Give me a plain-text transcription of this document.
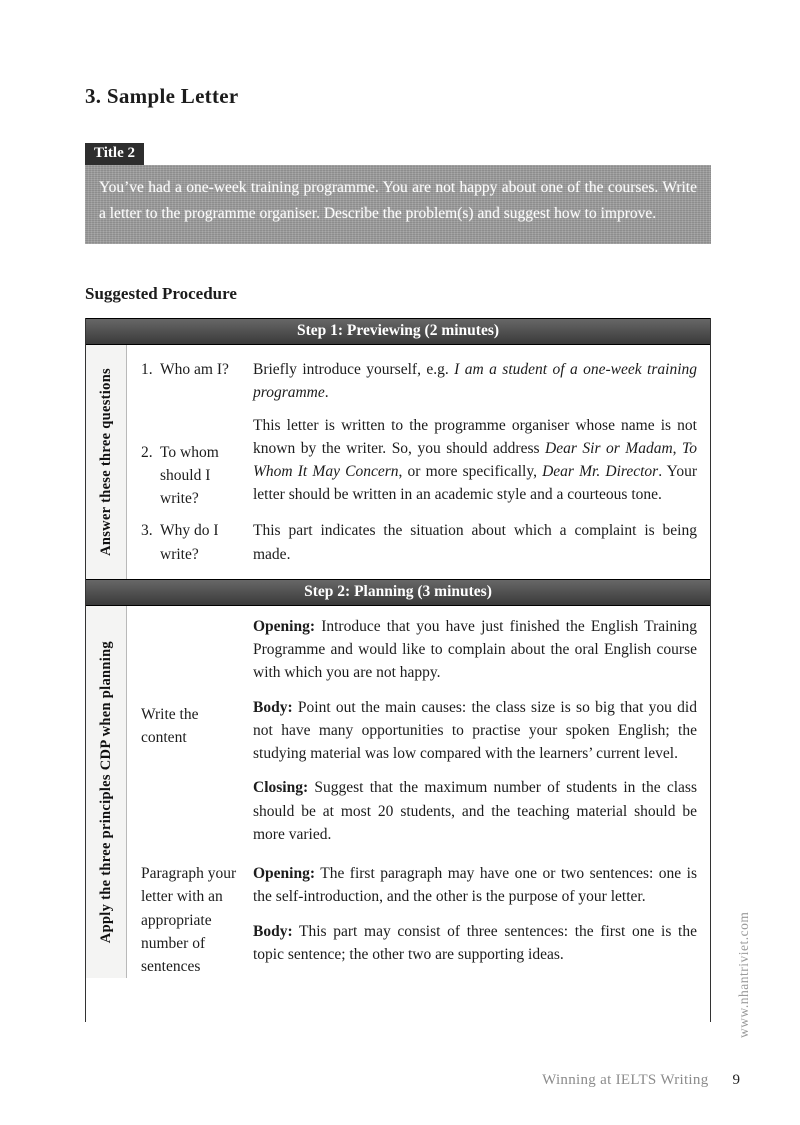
3. Sample Letter
Title 2
You’ve had a one-week training programme. You are not happy about one of the courses. Write a letter to the programme organiser. Describe the problem(s) and suggest how to improve.
Suggested Procedure
Step 1: Previewing (2 minutes)
Answer these three questions 1. Who am I? Briefly introduce yourself, e.g. I am a student of a one-week training programme.

2. To whom should I write?

This letter is written to the programme organiser whose name is not known by the writer. So, you should address Dear Sir or Madam, To Whom It May Concern, or more specifically, Dear Mr. Director. Your letter should be written in an academic style and a courteous tone.

3. Why do I write?

This part indicates the situation about which a complaint is being made.

Step 2: Planning (3 minutes)
Apply the three principles CDP when planning Write the content

Opening: Introduce that you have just finished the English Training Programme and would like to complain about the oral English course with which you are not happy.

Body: Point out the main causes: the class size is so big that you did not have many opportunities to practise your spoken English; the studying material was low compared with the learners’ current level.

Closing: Suggest that the maximum number of students in the class should be at most 20 students, and the teaching material should be more varied.

Paragraph your letter with an appropriate number of sentences

Opening: The first paragraph may have one or two sentences: one is the self-introduction, and the other is the purpose of your letter.

Body: This part may consist of three sentences: the first one is the topic sentence; the other two are supporting ideas.	www.nhantriviet.com
Winning at IELTS Writing 9
